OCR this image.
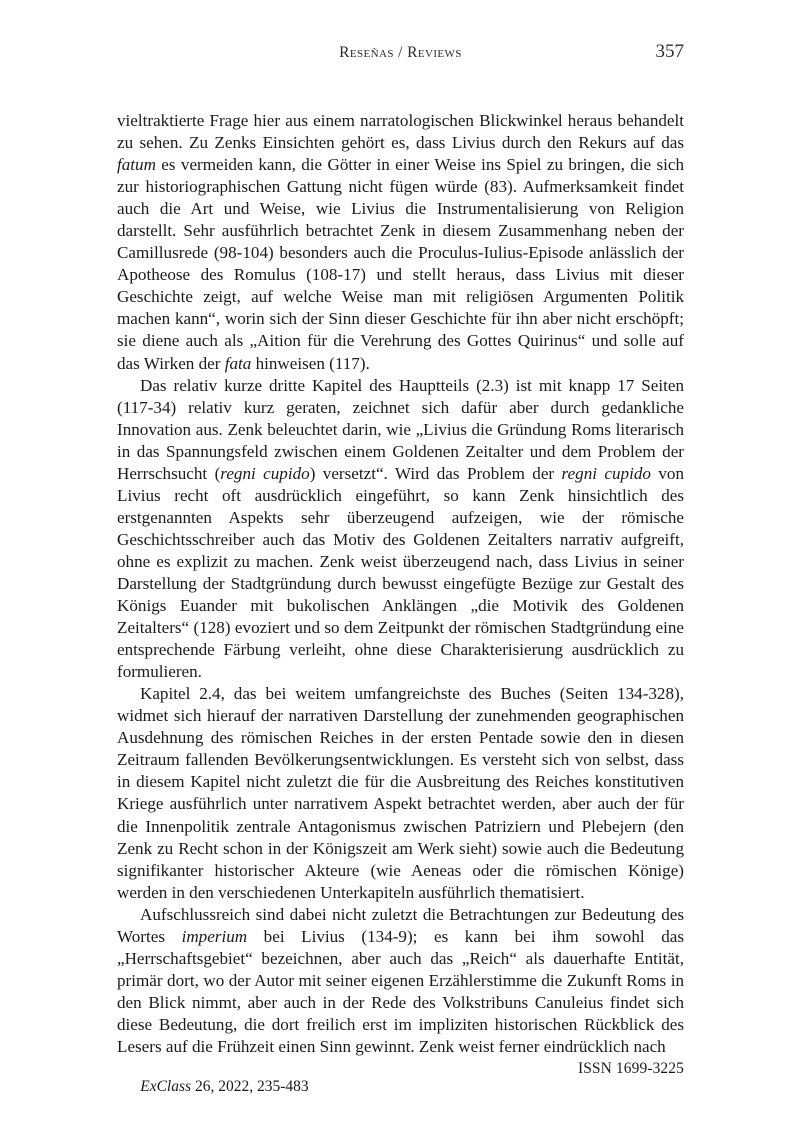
Reseñas / Reviews	357

vieltraktierte Frage hier aus einem narratologischen Blickwinkel heraus behandelt zu sehen. Zu Zenks Einsichten gehört es, dass Livius durch den Rekurs auf das fatum es vermeiden kann, die Götter in einer Weise ins Spiel zu bringen, die sich zur historiographischen Gattung nicht fügen würde (83). Aufmerksamkeit findet auch die Art und Weise, wie Livius die Instrumentalisierung von Religion darstellt. Sehr ausführlich betrachtet Zenk in diesem Zusammenhang neben der Camillusrede (98-104) besonders auch die Proculus-Iulius-Episode anlässlich der Apotheose des Romulus (108-17) und stellt heraus, dass Livius mit dieser Geschichte zeigt, auf welche Weise man mit religiösen Argumenten Politik machen kann“, worin sich der Sinn dieser Geschichte für ihn aber nicht erschöpft; sie diene auch als „Aition für die Verehrung des Gottes Quirinus“ und solle auf das Wirken der fata hinweisen (117).

Das relativ kurze dritte Kapitel des Hauptteils (2.3) ist mit knapp 17 Seiten (117-34) relativ kurz geraten, zeichnet sich dafür aber durch gedankliche Innovation aus. Zenk beleuchtet darin, wie „Livius die Gründung Roms literarisch in das Spannungsfeld zwischen einem Goldenen Zeitalter und dem Problem der Herrschsucht (regni cupido) versetzt“. Wird das Problem der regni cupido von Livius recht oft ausdrücklich eingeführt, so kann Zenk hinsichtlich des erstgenannten Aspekts sehr überzeugend aufzeigen, wie der römische Geschichtsschreiber auch das Motiv des Goldenen Zeitalters narrativ aufgreift, ohne es explizit zu machen. Zenk weist überzeugend nach, dass Livius in seiner Darstellung der Stadtgründung durch bewusst eingefügte Bezüge zur Gestalt des Königs Euander mit bukolischen Anklängen „die Motivik des Goldenen Zeitalters“ (128) evoziert und so dem Zeitpunkt der römischen Stadtgründung eine entsprechende Färbung verleiht, ohne diese Charakterisierung ausdrücklich zu formulieren.

Kapitel 2.4, das bei weitem umfangreichste des Buches (Seiten 134-328), widmet sich hierauf der narrativen Darstellung der zunehmenden geographischen Ausdehnung des römischen Reiches in der ersten Pentade sowie den in diesen Zeitraum fallenden Bevölkerungsentwicklungen. Es versteht sich von selbst, dass in diesem Kapitel nicht zuletzt die für die Ausbreitung des Reiches konstitutiven Kriege ausführlich unter narrativem Aspekt betrachtet werden, aber auch der für die Innenpolitik zentrale Antagonismus zwischen Patriziern und Plebejern (den Zenk zu Recht schon in der Königszeit am Werk sieht) sowie auch die Bedeutung signifikanter historischer Akteure (wie Aeneas oder die römischen Könige) werden in den verschiedenen Unterkapiteln ausführlich thematisiert.

Aufschlussreich sind dabei nicht zuletzt die Betrachtungen zur Bedeutung des Wortes imperium bei Livius (134-9); es kann bei ihm sowohl das „Herrschaftsgebiet“ bezeichnen, aber auch das „Reich“ als dauerhafte Entität, primär dort, wo der Autor mit seiner eigenen Erzählerstimme die Zukunft Roms in den Blick nimmt, aber auch in der Rede des Volkstribuns Canuleius findet sich diese Bedeutung, die dort freilich erst im impliziten historischen Rückblick des Lesers auf die Frühzeit einen Sinn gewinnt. Zenk weist ferner eindrücklich nach

ExClass 26, 2022, 235-483

ISSN 1699-3225
